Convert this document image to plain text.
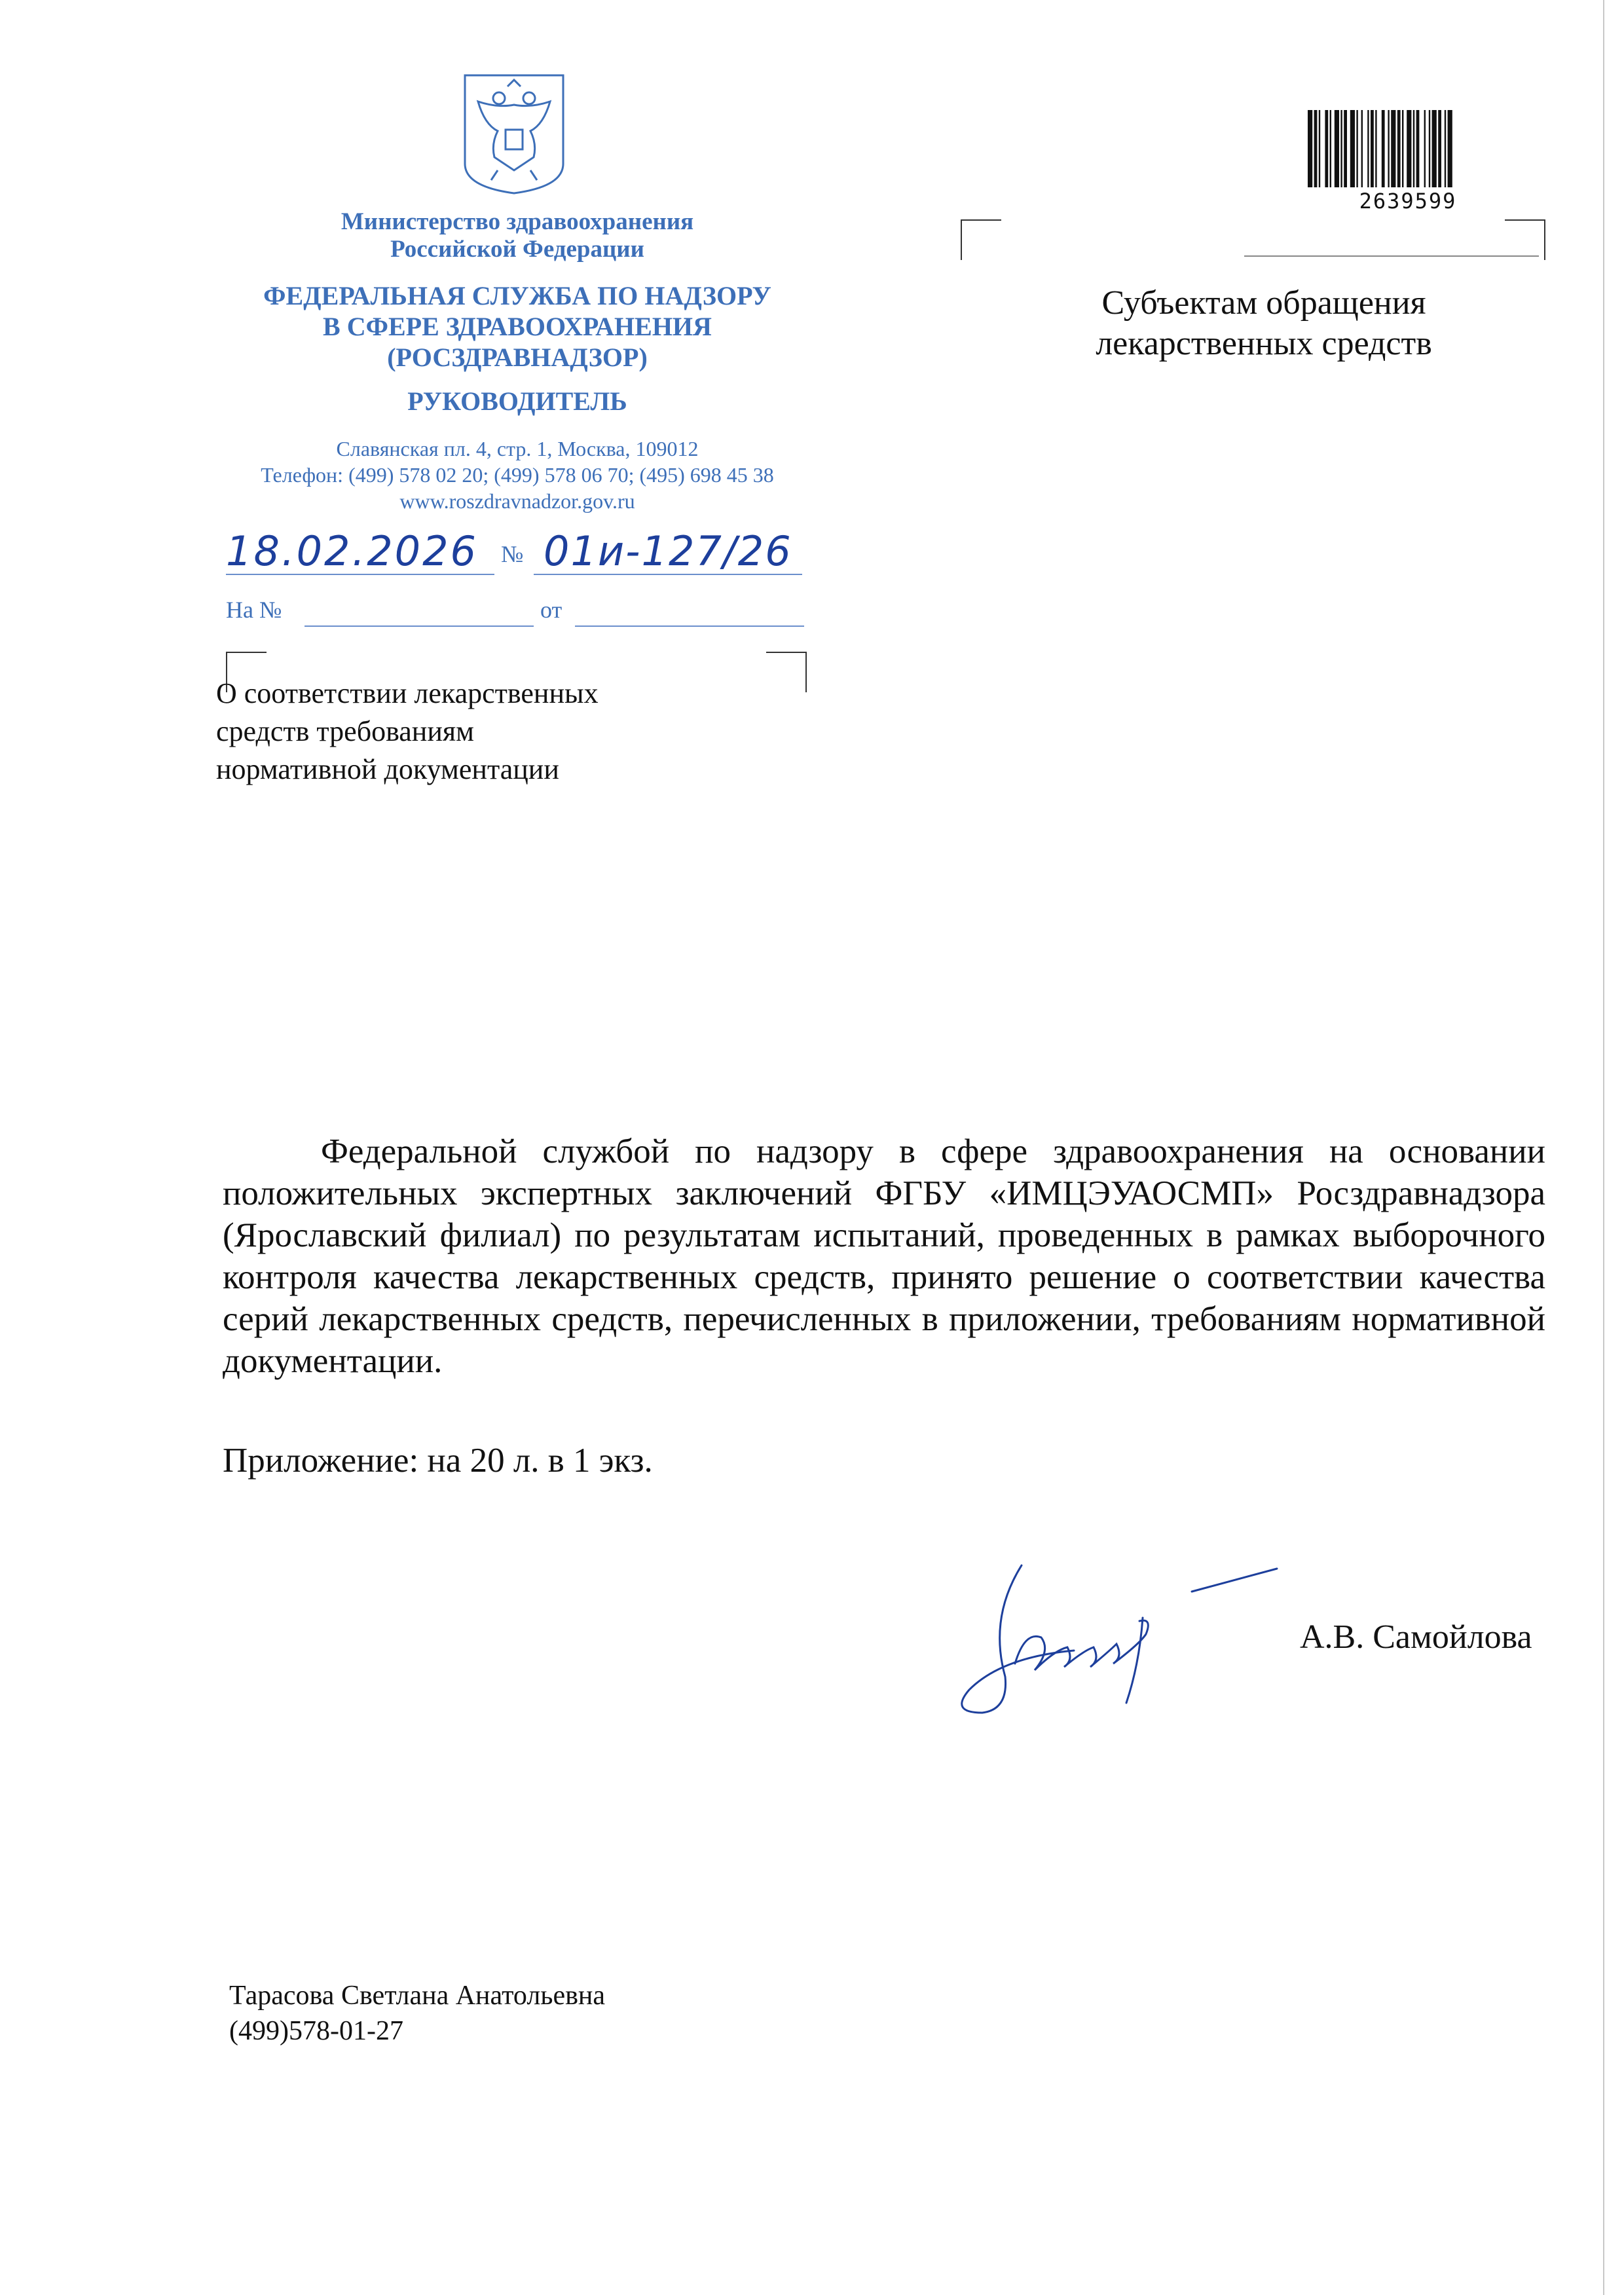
Министерство здравоохранения
Российской Федерации
ФЕДЕРАЛЬНАЯ СЛУЖБА ПО НАДЗОРУ
В СФЕРЕ ЗДРАВООХРАНЕНИЯ
(РОСЗДРАВНАДЗОР)
РУКОВОДИТЕЛЬ
Славянская пл. 4, стр. 1, Москва, 109012
Телефон: (499) 578 02 20; (499) 578 06 70; (495) 698 45 38
www.roszdravnadzor.gov.ru
18.02.2026 № 01и-127/26
На №	от
2639599
Субъектам обращения
лекарственных средств
О соответствии лекарственных
средств требованиям
нормативной документации

Федеральной службой по надзору в сфере здравоохранения на основании положительных экспертных заключений ФГБУ «ИМЦЭУАОСМП» Росздравнадзора (Ярославский филиал) по результатам испытаний, проведенных в рамках выборочного контроля качества лекарственных средств, принято решение о соответствии качества серий лекарственных средств, перечисленных в приложении, требованиям нормативной документации.

Приложение: на 20 л. в 1 экз.
А.В. Самойлова
Тарасова Светлана Анатольевна
(499)578-01-27
